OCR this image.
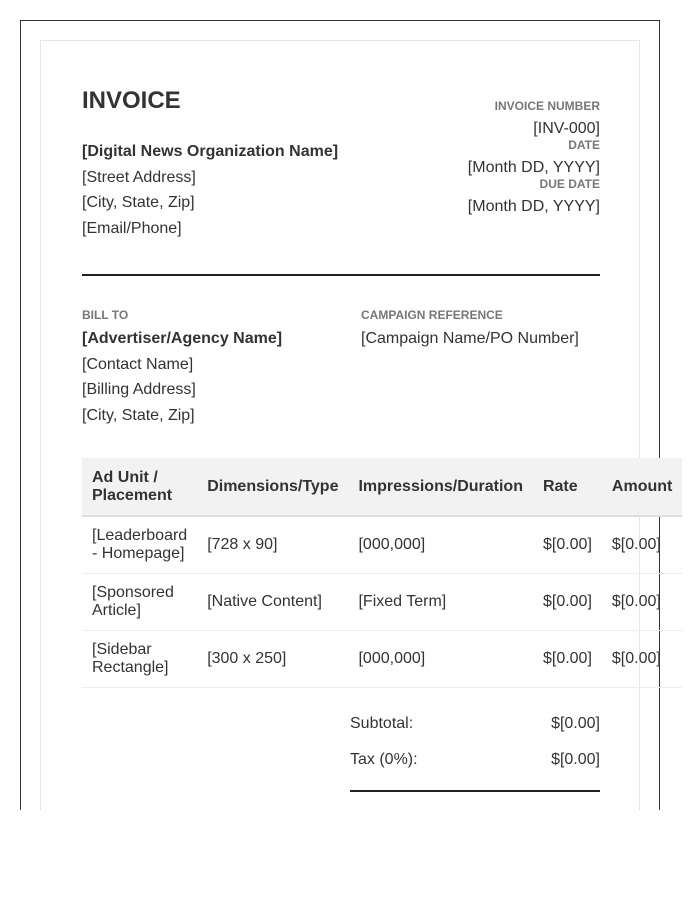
INVOICE
[Digital News Organization Name]
[Street Address]
[City, State, Zip]
[Email/Phone]
INVOICE NUMBER
[INV-000]
DATE
[Month DD, YYYY]
DUE DATE
[Month DD, YYYY]
BILL TO
[Advertiser/Agency Name]
[Contact Name]
[Billing Address]
[City, State, Zip]
CAMPAIGN REFERENCE
[Campaign Name/PO Number]
Ad Unit / Placement	Dimensions/Type	Impressions/Duration	Rate	Amount
[Leaderboard - Homepage]	[728 x 90]	[000,000]	$[0.00]	$[0.00]
[Sponsored Article]	[Native Content]	[Fixed Term]	$[0.00]	$[0.00]
[Sidebar Rectangle]	[300 x 250]	[000,000]	$[0.00]	$[0.00]
Subtotal:	$[0.00]
Tax (0%):	$[0.00]
